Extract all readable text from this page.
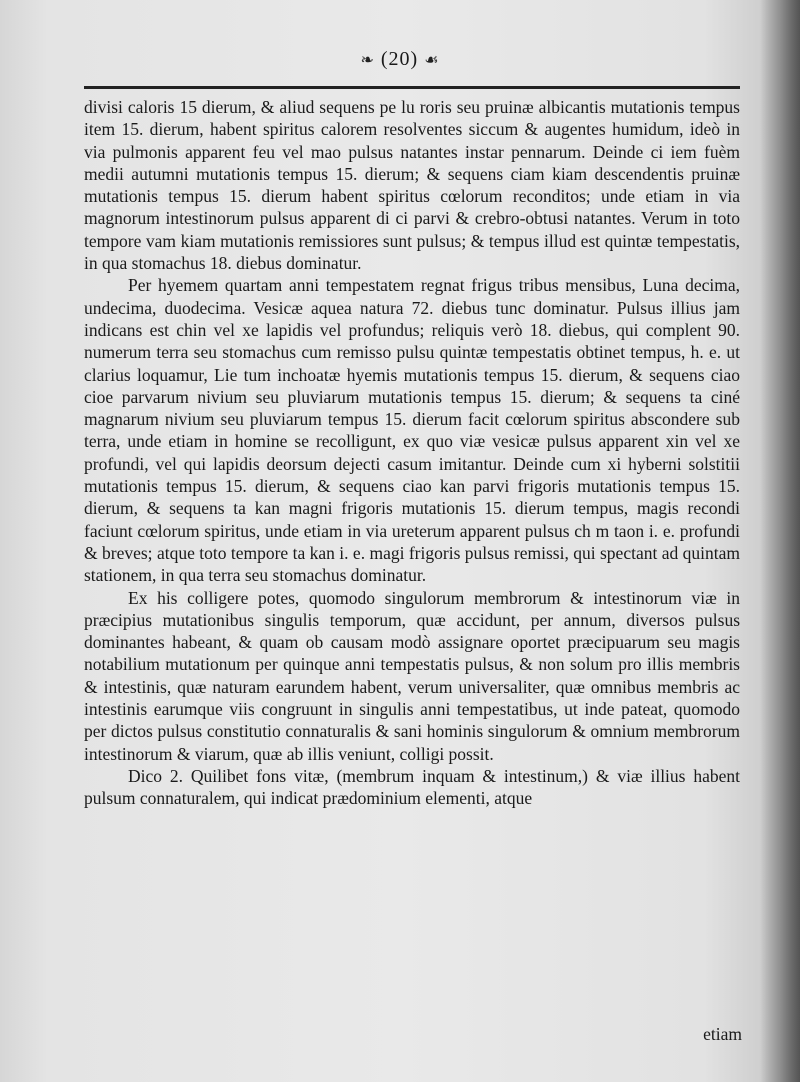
❧ (20) ☙

divisi caloris 15 dierum, & aliud sequens pe lu roris seu pruinæ albicantis mutationis tempus item 15. dierum, habent spiritus calorem resolventes siccum & augentes humidum, ideò in via pulmonis apparent feu vel mao pulsus natantes instar pennarum. Deinde ci iem fuèm medii autumni mutationis tempus 15. dierum; & sequens ciam kiam descendentis pruinæ mutationis tempus 15. dierum habent spiritus cœlorum reconditos; unde etiam in via magnorum intestinorum pulsus apparent di ci parvi & crebro-obtusi natantes. Verum in toto tempore vam kiam mutationis remissiores sunt pulsus; & tempus illud est quintæ tempestatis, in qua stomachus 18. diebus dominatur.

Per hyemem quartam anni tempestatem regnat frigus tribus mensibus, Luna decima, undecima, duodecima. Vesicæ aquea natura 72. diebus tunc dominatur. Pulsus illius jam indicans est chin vel xe lapidis vel profundus; reliquis verò 18. diebus, qui complent 90. numerum terra seu stomachus cum remisso pulsu quintæ tempestatis obtinet tempus, h. e. ut clarius loquamur, Lie tum inchoatæ hyemis mutationis tempus 15. dierum, & sequens ciao cioe parvarum nivium seu pluviarum mutationis tempus 15. dierum; & sequens ta ciné magnarum nivium seu pluviarum tempus 15. dierum facit cœlorum spiritus abscondere sub terra, unde etiam in homine se recolligunt, ex quo viæ vesicæ pulsus apparent xin vel xe profundi, vel qui lapidis deorsum dejecti casum imitantur. Deinde cum xi hyberni solstitii mutationis tempus 15. dierum, & sequens ciao kan parvi frigoris mutationis tempus 15. dierum, & sequens ta kan magni frigoris mutationis 15. dierum tempus, magis recondi faciunt cœlorum spiritus, unde etiam in via ureterum apparent pulsus ch m taon i. e. profundi & breves; atque toto tempore ta kan i. e. magi frigoris pulsus remissi, qui spectant ad quintam stationem, in qua terra seu stomachus dominatur.

Ex his colligere potes, quomodo singulorum membrorum & intestinorum viæ in præcipius mutationibus singulis temporum, quæ accidunt, per annum, diversos pulsus dominantes habeant, & quam ob causam modò assignare oportet præcipuarum seu magis notabilium mutationum per quinque anni tempestatis pulsus, & non solum pro illis membris & intestinis, quæ naturam earundem habent, verum universaliter, quæ omnibus membris ac intestinis earumque viis congruunt in singulis anni tempestatibus, ut inde pateat, quomodo per dictos pulsus constitutio connaturalis & sani hominis singulorum & omnium membrorum intestinorum & viarum, quæ ab illis veniunt, colligi possit.

Dico 2. Quilibet fons vitæ, (membrum inquam & intestinum,) & viæ illius habent pulsum connaturalem, qui indicat prædominium elementi, atque

etiam
